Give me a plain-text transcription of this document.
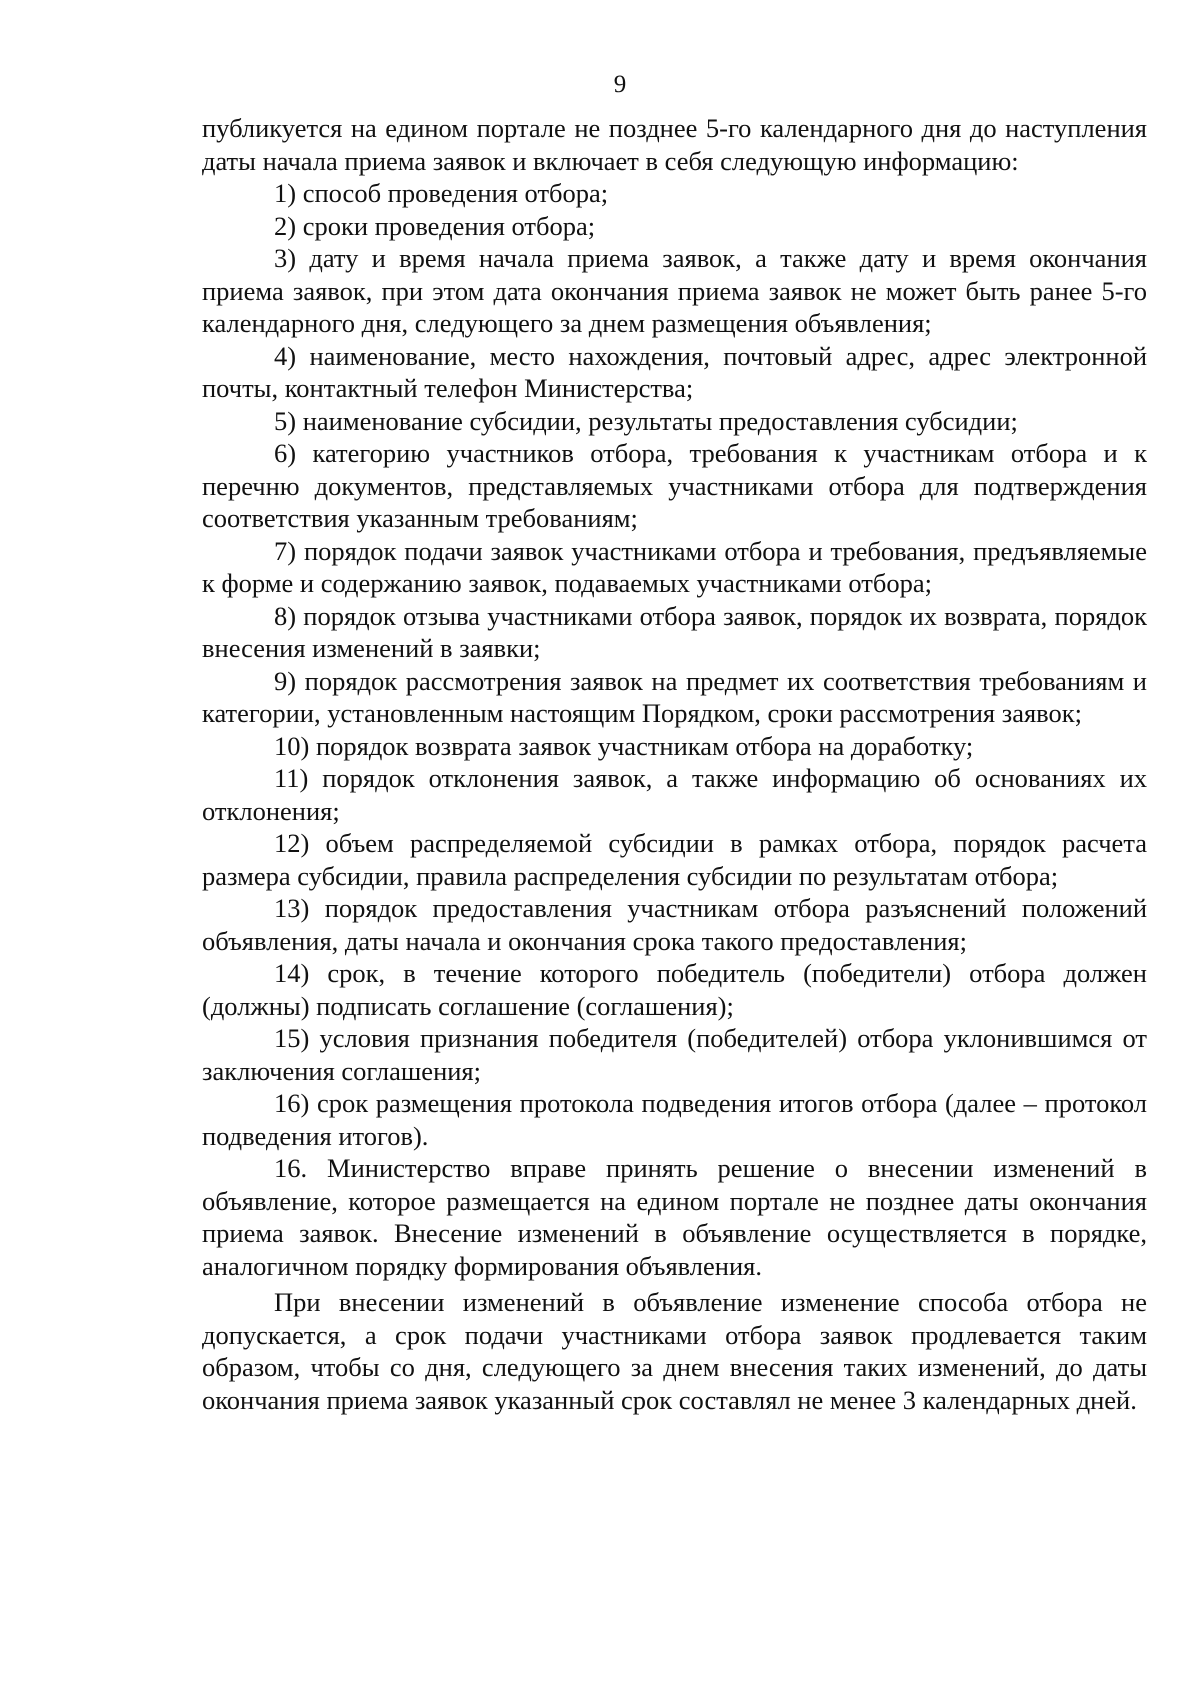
9

публикуется на едином портале не позднее 5-го календарного дня до наступления даты начала приема заявок и включает в себя следующую информацию:

1) способ проведения отбора;

2) сроки проведения отбора;

3) дату и время начала приема заявок, а также дату и время окончания приема заявок, при этом дата окончания приема заявок не может быть ранее 5-го календарного дня, следующего за днем размещения объявления;

4) наименование, место нахождения, почтовый адрес, адрес электронной почты, контактный телефон Министерства;

5) наименование субсидии, результаты предоставления субсидии;

6) категорию участников отбора, требования к участникам отбора и к перечню документов, представляемых участниками отбора для подтверждения соответствия указанным требованиям;

7) порядок подачи заявок участниками отбора и требования, предъявляемые к форме и содержанию заявок, подаваемых участниками отбора;

8) порядок отзыва участниками отбора заявок, порядок их возврата, порядок внесения изменений в заявки;

9) порядок рассмотрения заявок на предмет их соответствия требованиям и категории, установленным настоящим Порядком, сроки рассмотрения заявок;

10) порядок возврата заявок участникам отбора на доработку;

11) порядок отклонения заявок, а также информацию об основаниях их отклонения;

12) объем распределяемой субсидии в рамках отбора, порядок расчета размера субсидии, правила распределения субсидии по результатам отбора;

13) порядок предоставления участникам отбора разъяснений положений объявления, даты начала и окончания срока такого предоставления;

14) срок, в течение которого победитель (победители) отбора должен (должны) подписать соглашение (соглашения);

15) условия признания победителя (победителей) отбора уклонившимся от заключения соглашения;

16) срок размещения протокола подведения итогов отбора (далее – протокол подведения итогов).

16. Министерство вправе принять решение о внесении изменений в объявление, которое размещается на едином портале не позднее даты окончания приема заявок. Внесение изменений в объявление осуществляется в порядке, аналогичном порядку формирования объявления.

При внесении изменений в объявление изменение способа отбора не допускается, а срок подачи участниками отбора заявок продлевается таким образом, чтобы со дня, следующего за днем внесения таких изменений, до даты окончания приема заявок указанный срок составлял не менее 3 календарных дней.
